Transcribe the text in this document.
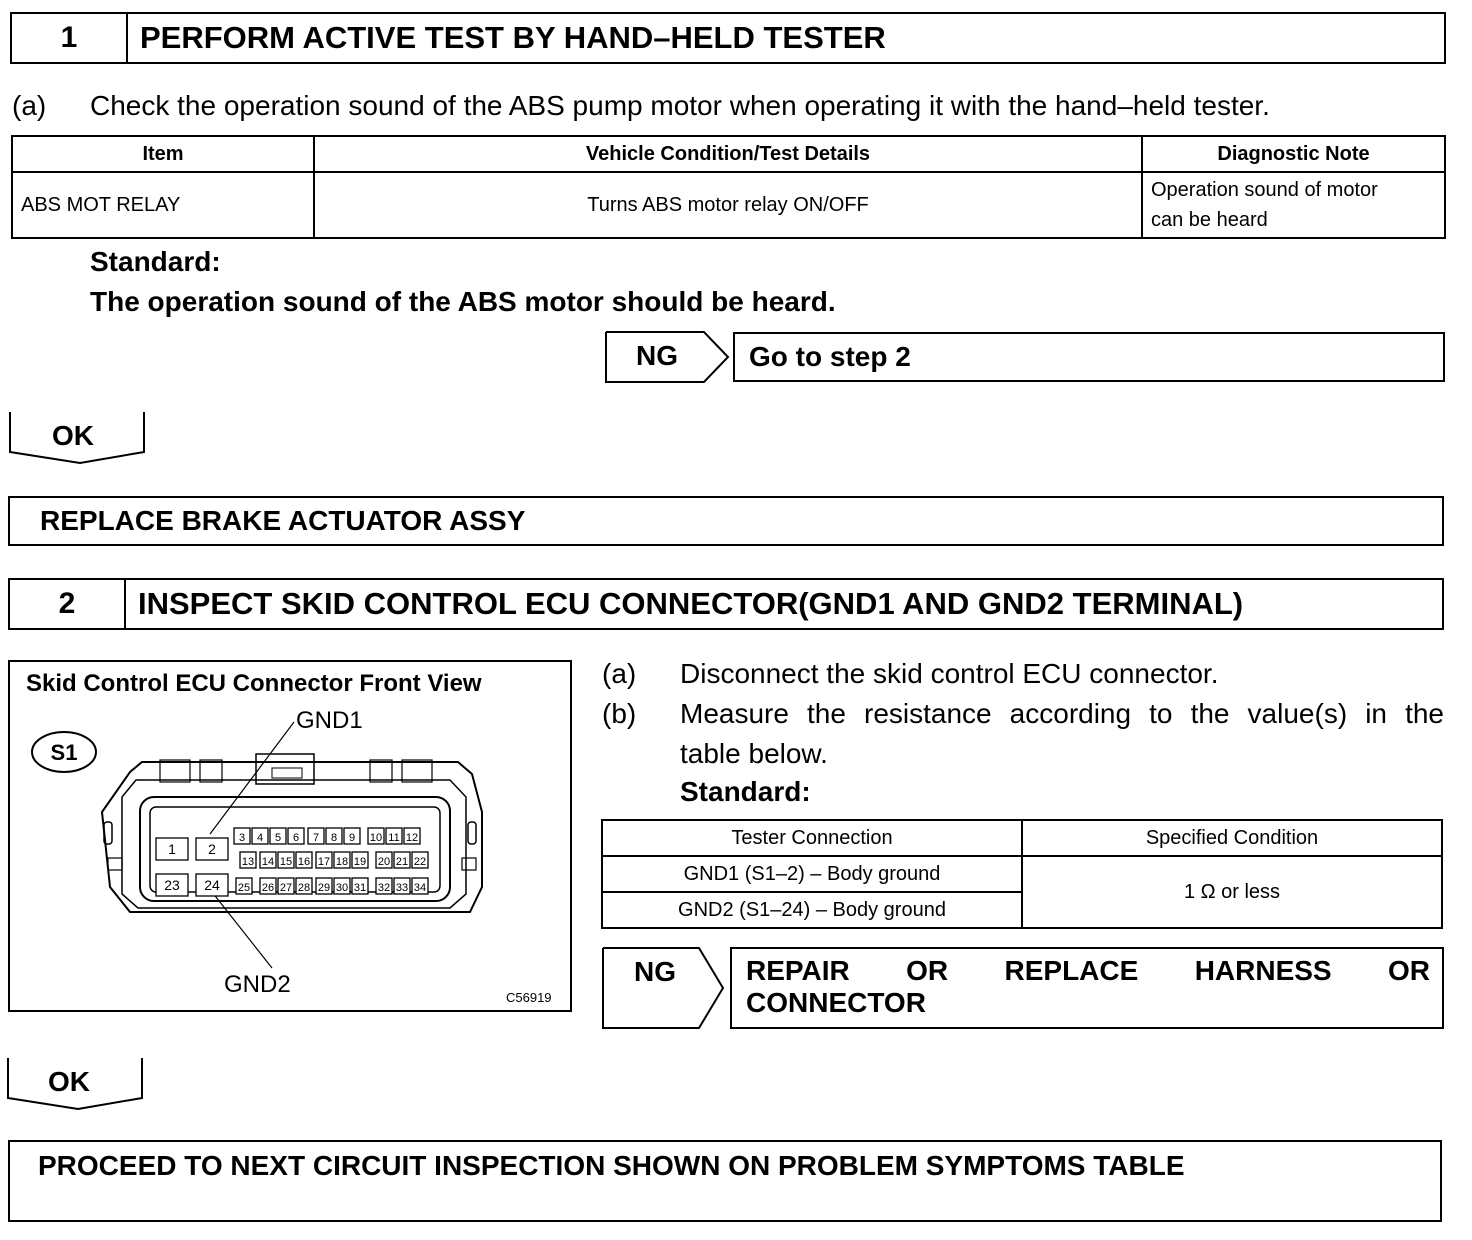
1	PERFORM ACTIVE TEST BY HAND–HELD TESTER
(a) Check the operation sound of the ABS pump motor when operating it with the hand–held tester.
Item	Vehicle Condition/Test Details	Diagnostic Note
ABS MOT RELAY	Turns ABS motor relay ON/OFF	Operation sound of motor
can be heard
Standard:
The operation sound of the ABS motor should be heard.
NG	Go to step 2
OK
REPLACE BRAKE ACTUATOR ASSY
2	INSPECT SKID CONTROL ECU CONNECTOR(GND1 AND GND2 TERMINAL)
Skid Control ECU Connector Front View
S1
GND1
GND2	C56919
1 2
23 24
3 4 5 6 7 8 9 10 11 12
13 14 15 16 17 18 19 20 21 22
25 26 27 28 29 30 31 32 33 34
(a) Disconnect the skid control ECU connector.
(b) Measure the resistance according to the value(s) in the
table below.
Standard:
Tester Connection	Specified Condition
GND1 (S1–2) – Body ground	1 Ω or less
GND2 (S1–24) – Body ground	
NG	REPAIR OR REPLACE HARNESS OR
CONNECTOR
OK
PROCEED TO NEXT CIRCUIT INSPECTION SHOWN ON PROBLEM SYMPTOMS TABLE
